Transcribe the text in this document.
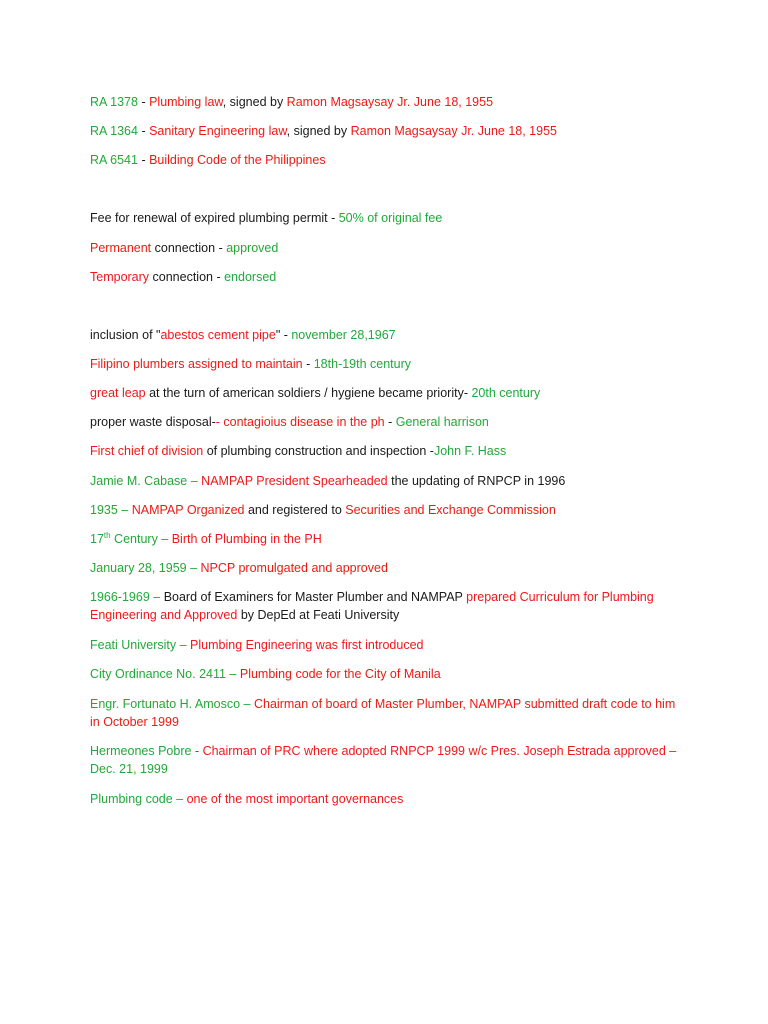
RA 1378 - Plumbing law, signed by Ramon Magsaysay Jr. June 18, 1955
RA 1364 - Sanitary Engineering law, signed by Ramon Magsaysay Jr. June 18, 1955
RA 6541 - Building Code of the Philippines
Fee for renewal of expired plumbing permit - 50% of original fee
Permanent connection - approved
Temporary connection - endorsed
inclusion of "abestos cement pipe" - november 28,1967
Filipino plumbers assigned to maintain - 18th-19th century
great leap at the turn of american soldiers / hygiene became priority- 20th century
proper waste disposal-- contagioius disease in the ph - General harrison
First chief of division of plumbing construction and inspection -John F. Hass
Jamie M. Cabase – NAMPAP President Spearheaded the updating of RNPCP in 1996
1935 – NAMPAP Organized and registered to Securities and Exchange Commission
17th Century – Birth of Plumbing in the PH
January 28, 1959 – NPCP promulgated and approved
1966-1969 – Board of Examiners for Master Plumber and NAMPAP prepared Curriculum for Plumbing Engineering and Approved by DepEd at Feati University
Feati University – Plumbing Engineering was first introduced
City Ordinance No. 2411 – Plumbing code for the City of Manila
Engr. Fortunato H. Amosco – Chairman of board of Master Plumber, NAMPAP submitted draft code to him in October 1999
Hermeones Pobre - Chairman of PRC where adopted RNPCP 1999 w/c Pres. Joseph Estrada approved – Dec. 21, 1999
Plumbing code – one of the most important governances
